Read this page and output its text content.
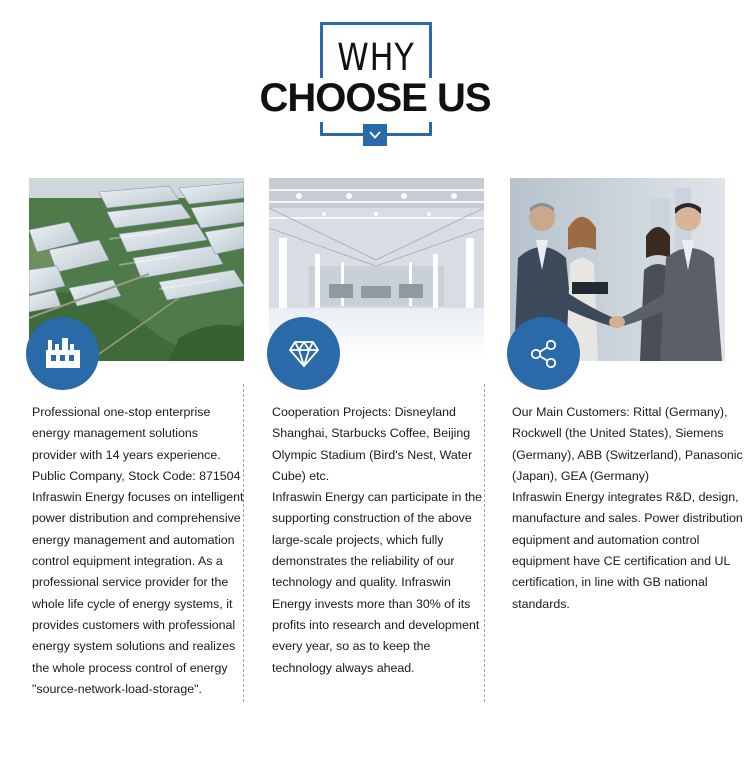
WHY
CHOOSE US

Professional one-stop enterprise energy management solutions provider with 14 years experience. Public Company, Stock Code: 871504

Infraswin Energy focuses on intelligent power distribution and comprehensive energy management and automation control equipment integration. As a professional service provider for the whole life cycle of energy systems, it provides customers with professional energy system solutions and realizes the whole process control of energy "source-network-load-storage".

Cooperation Projects: Disneyland Shanghai, Starbucks Coffee, Beijing Olympic Stadium (Bird's Nest, Water Cube) etc.

Infraswin Energy can participate in the supporting construction of the above large-scale projects, which fully demonstrates the reliability of our technology and quality. Infraswin Energy invests more than 30% of its profits into research and development every year, so as to keep the technology always ahead.

Our Main Customers: Rittal (Germany), Rockwell (the United States), Siemens (Germany), ABB (Switzerland), Panasonic (Japan), GEA (Germany)

Infraswin Energy integrates R&D, design, manufacture and sales. Power distribution equipment and automation control equipment have CE certification and UL certification, in line with GB national standards.
